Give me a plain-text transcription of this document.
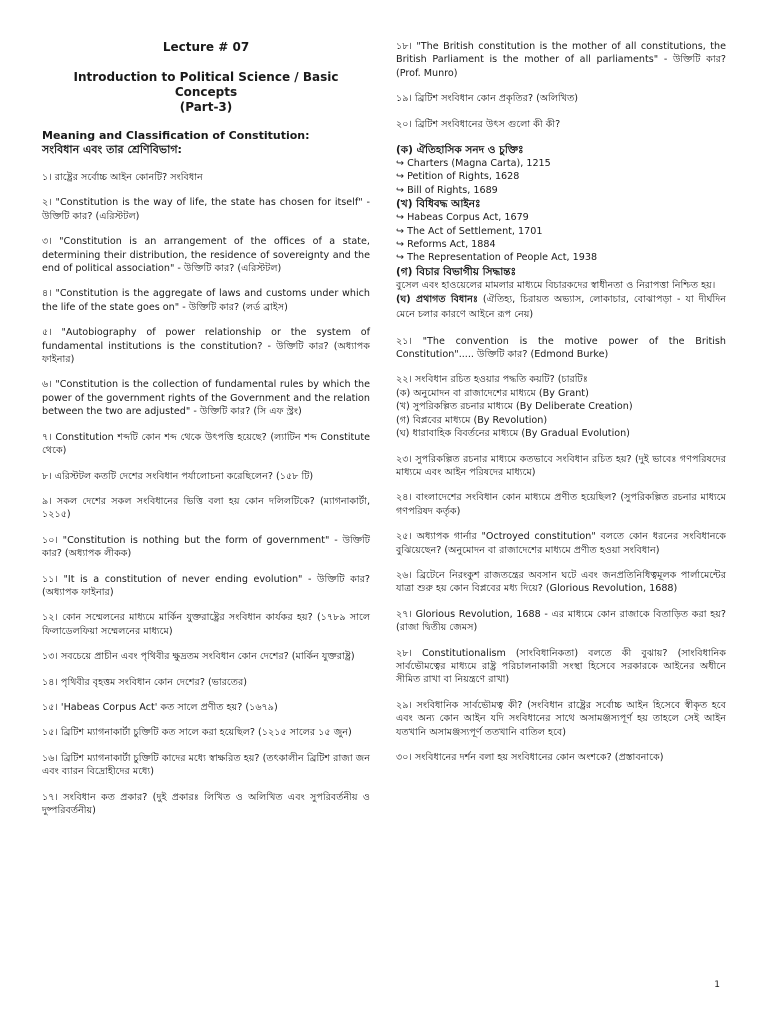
Lecture # 07
Introduction to Political Science / Basic Concepts
(Part-3)
Meaning and Classification of Constitution:
সংবিধান এবং তার শ্রেণিবিভাগ:
১। রাষ্ট্রের সর্বোচ্চ আইন কোনটি? সংবিধান
২। "Constitution is the way of life, the state has chosen for itself" - উক্তিটি কার? (এরিস্টটল)
৩। "Constitution is an arrangement of the offices of a state, determining their distribution, the residence of sovereignty and the end of political association" - উক্তিটি কার? (এরিস্টটল)
৪। "Constitution is the aggregate of laws and customs under which the life of the state goes on" - উক্তিটি কার? (লর্ড ব্রাইস)
৫। "Autobiography of power relationship or the system of fundamental institutions is the constitution? - উক্তিটি কার? (অধ্যাপক ফাইনার)
৬। "Constitution is the collection of fundamental rules by which the power of the government rights of the Government and the relation between the two are adjusted" - উক্তিটি কার? (সি এফ স্ট্রং)
৭। Constitution শব্দটি কোন শব্দ থেকে উৎপত্তি হয়েছে? (ল্যাটিন শব্দ Constitute থেকে)
৮। এরিস্টটল কতটি দেশের সংবিধান পর্যালোচনা করেছিলেন? (১৫৮ টি)
৯। সকল দেশের সকল সংবিধানের ভিত্তি বলা হয় কোন দলিলটিকে? (ম্যাগনাকার্টা, ১২১৫)
১০। "Constitution is nothing but the form of government" - উক্তিটি কার? (অধ্যাপক লীকক)
১১। "It is a constitution of never ending evolution" - উক্তিটি কার? (অধ্যাপক ফাইনার)
১২। কোন সম্মেলনের মাধ্যমে মার্কিন যুক্তরাষ্ট্রের সংবিধান কার্যকর হয়? (১৭৮৯ সালে ফিলাডেলফিয়া সম্মেলনের মাধ্যমে)
১৩। সবচেয়ে প্রাচীন এবং পৃথিবীর ক্ষুদ্রতম সংবিধান কোন দেশের? (মার্কিন যুক্তরাষ্ট্র)
১৪। পৃথিবীর বৃহত্তম সংবিধান কোন দেশের? (ভারতের)
১৫। 'Habeas Corpus Act' কত সালে প্রণীত হয়? (১৬৭৯)
১৫। ব্রিটিশ ম্যাগনাকার্টা চুক্তিটি কত সালে করা হয়েছিল? (১২১৫ সালের ১৫ জুন)
১৬। ব্রিটিশ ম্যাগনাকার্টা চুক্তিটি কাদের মধ্যে স্বাক্ষরিত হয়? (তৎকালীন ব্রিটিশ রাজা জন এবং ব্যারন বিদ্রোহীদের মধ্যে)
১৭। সংবিধান কত প্রকার? (দুই প্রকারঃ লিখিত ও অলিখিত এবং সুপরিবর্তনীয় ও দুষ্পরিবর্তনীয়)
১৮। "The British constitution is the mother of all constitutions, the British Parliament is the mother of all parliaments" - উক্তিটি কার? (Prof. Munro)
১৯। ব্রিটিশ সংবিধান কোন প্রকৃতির? (অলিখিত)
২০। ব্রিটিশ সংবিধানের উৎস গুলো কী কী?
(ক) ঐতিহাসিক সনদ ও চুক্তিঃ
↪ Charters (Magna Carta), 1215
↪ Petition of Rights, 1628
↪ Bill of Rights, 1689
(খ) বিধিবদ্ধ আইনঃ
↪ Habeas Corpus Act, 1679
↪ The Act of Settlement, 1701
↪ Reforms Act, 1884
↪ The Representation of People Act, 1938
(গ) বিচার বিভাগীয় সিদ্ধান্তঃ
বুসেল এবং হাওয়েলের মামলার মাধ্যমে বিচারকদের স্বাধীনতা ও নিরাপত্তা নিশ্চিত হয়।
(ঘ) প্রথাগত বিধানঃ (ঐতিহ্য, চিরায়ত অভ্যাস, লোকাচার, বোঝাপড়া - যা দীর্ঘদিন মেনে চলার কারণে আইনে রূপ নেয়)
২১। "The convention is the motive power of the British Constitution"..... উক্তিটি কার? (Edmond Burke)
২২। সংবিধান রচিত হওয়ার পদ্ধতি কয়টি? (চারটিঃ
(ক) অনুমোদন বা রাজাদেশের মাধ্যমে (By Grant)
(খ) সুপরিকল্পিত রচনার মাধ্যমে (By Deliberate Creation)
(গ) বিপ্লবের মাধ্যমে (By Revolution)
(ঘ) ধারাবাহিক বিবর্তনের মাধ্যমে (By Gradual Evolution)
২৩। সুপরিকল্পিত রচনার মাধ্যমে কতভাবে সংবিধান রচিত হয়? (দুই ভাবেঃ গণপরিষদের মাধ্যমে এবং আইন পরিষদের মাধ্যমে)
২৪। বাংলাদেশের সংবিধান কোন মাধ্যমে প্রণীত হয়েছিল? (সুপরিকল্পিত রচনার মাধ্যমে গণপরিষদ কর্তৃক)
২৫। অধ্যাপক গার্নার "Octroyed constitution" বলতে কোন ধরনের সংবিধানকে বুঝিয়েছেন? (অনুমোদন বা রাজাদেশের মাধ্যমে প্রণীত হওয়া সংবিধান)
২৬। ব্রিটেনে নিরংকুশ রাজতন্ত্রের অবসান ঘটে এবং জনপ্রতিনিধিত্বমূলক পার্লামেন্টের যাত্রা শুরু হয় কোন বিপ্লবের মধ্য দিয়ে? (Glorious Revolution, 1688)
২৭। Glorious Revolution, 1688 - এর মাধ্যমে কোন রাজাকে বিতাড়িত করা হয়? (রাজা দ্বিতীয় জেমস)
২৮। Constitutionalism (সাংবিধানিকতা) বলতে কী বুঝায়? (সাংবিধানিক সার্বভৌমত্বের মাধ্যমে রাষ্ট্র পরিচালনাকারী সংস্থা হিসেবে সরকারকে আইনের অধীনে সীমিত রাখা বা নিয়ন্ত্রণে রাখা)
২৯। সংবিধানিক সার্বভৌমত্ব কী? (সংবিধান রাষ্ট্রের সর্বোচ্চ আইন হিসেবে স্বীকৃত হবে এবং অন্য কোন আইন যদি সংবিধানের সাথে অসামঞ্জস্যপূর্ণ হয় তাহলে সেই আইন যতখানি অসামঞ্জস্যপূর্ণ ততখানি বাতিল হবে)
৩০। সংবিধানের দর্শন বলা হয় সংবিধানের কোন অংশকে? (প্রস্তাবনাকে)
1
